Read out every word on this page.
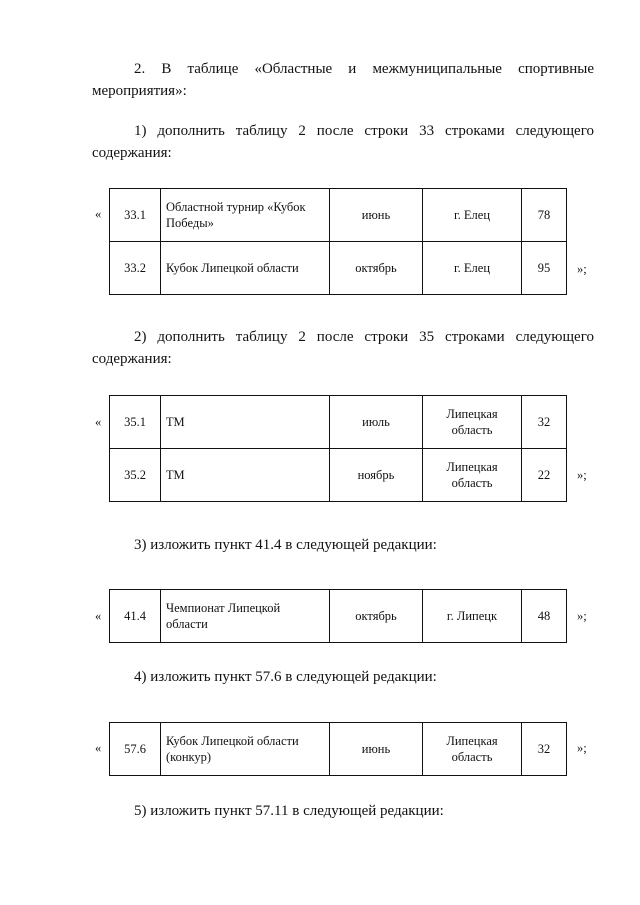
2. В таблице «Областные и межмуниципальные спортивные мероприятия»:

1) дополнить таблицу 2 после строки 33 строками следующего содержания:

« 33.1	Областной турнир «Кубок Победы»	июнь	г. Елец	78
33.2	Кубок Липецкой области	октябрь	г. Елец	95 »;

2) дополнить таблицу 2 после строки 35 строками следующего содержания:

« 35.1	ТМ	июль	Липецкая область	32
35.2	ТМ	ноябрь	Липецкая область	22 »;

3) изложить пункт 41.4 в следующей редакции:

« 41.4	Чемпионат Липецкой области	октябрь	г. Липецк	48 »;

4) изложить пункт 57.6 в следующей редакции:

« 57.6	Кубок Липецкой области (конкур)	июнь	Липецкая область	32 »;

5) изложить пункт 57.11 в следующей редакции:
